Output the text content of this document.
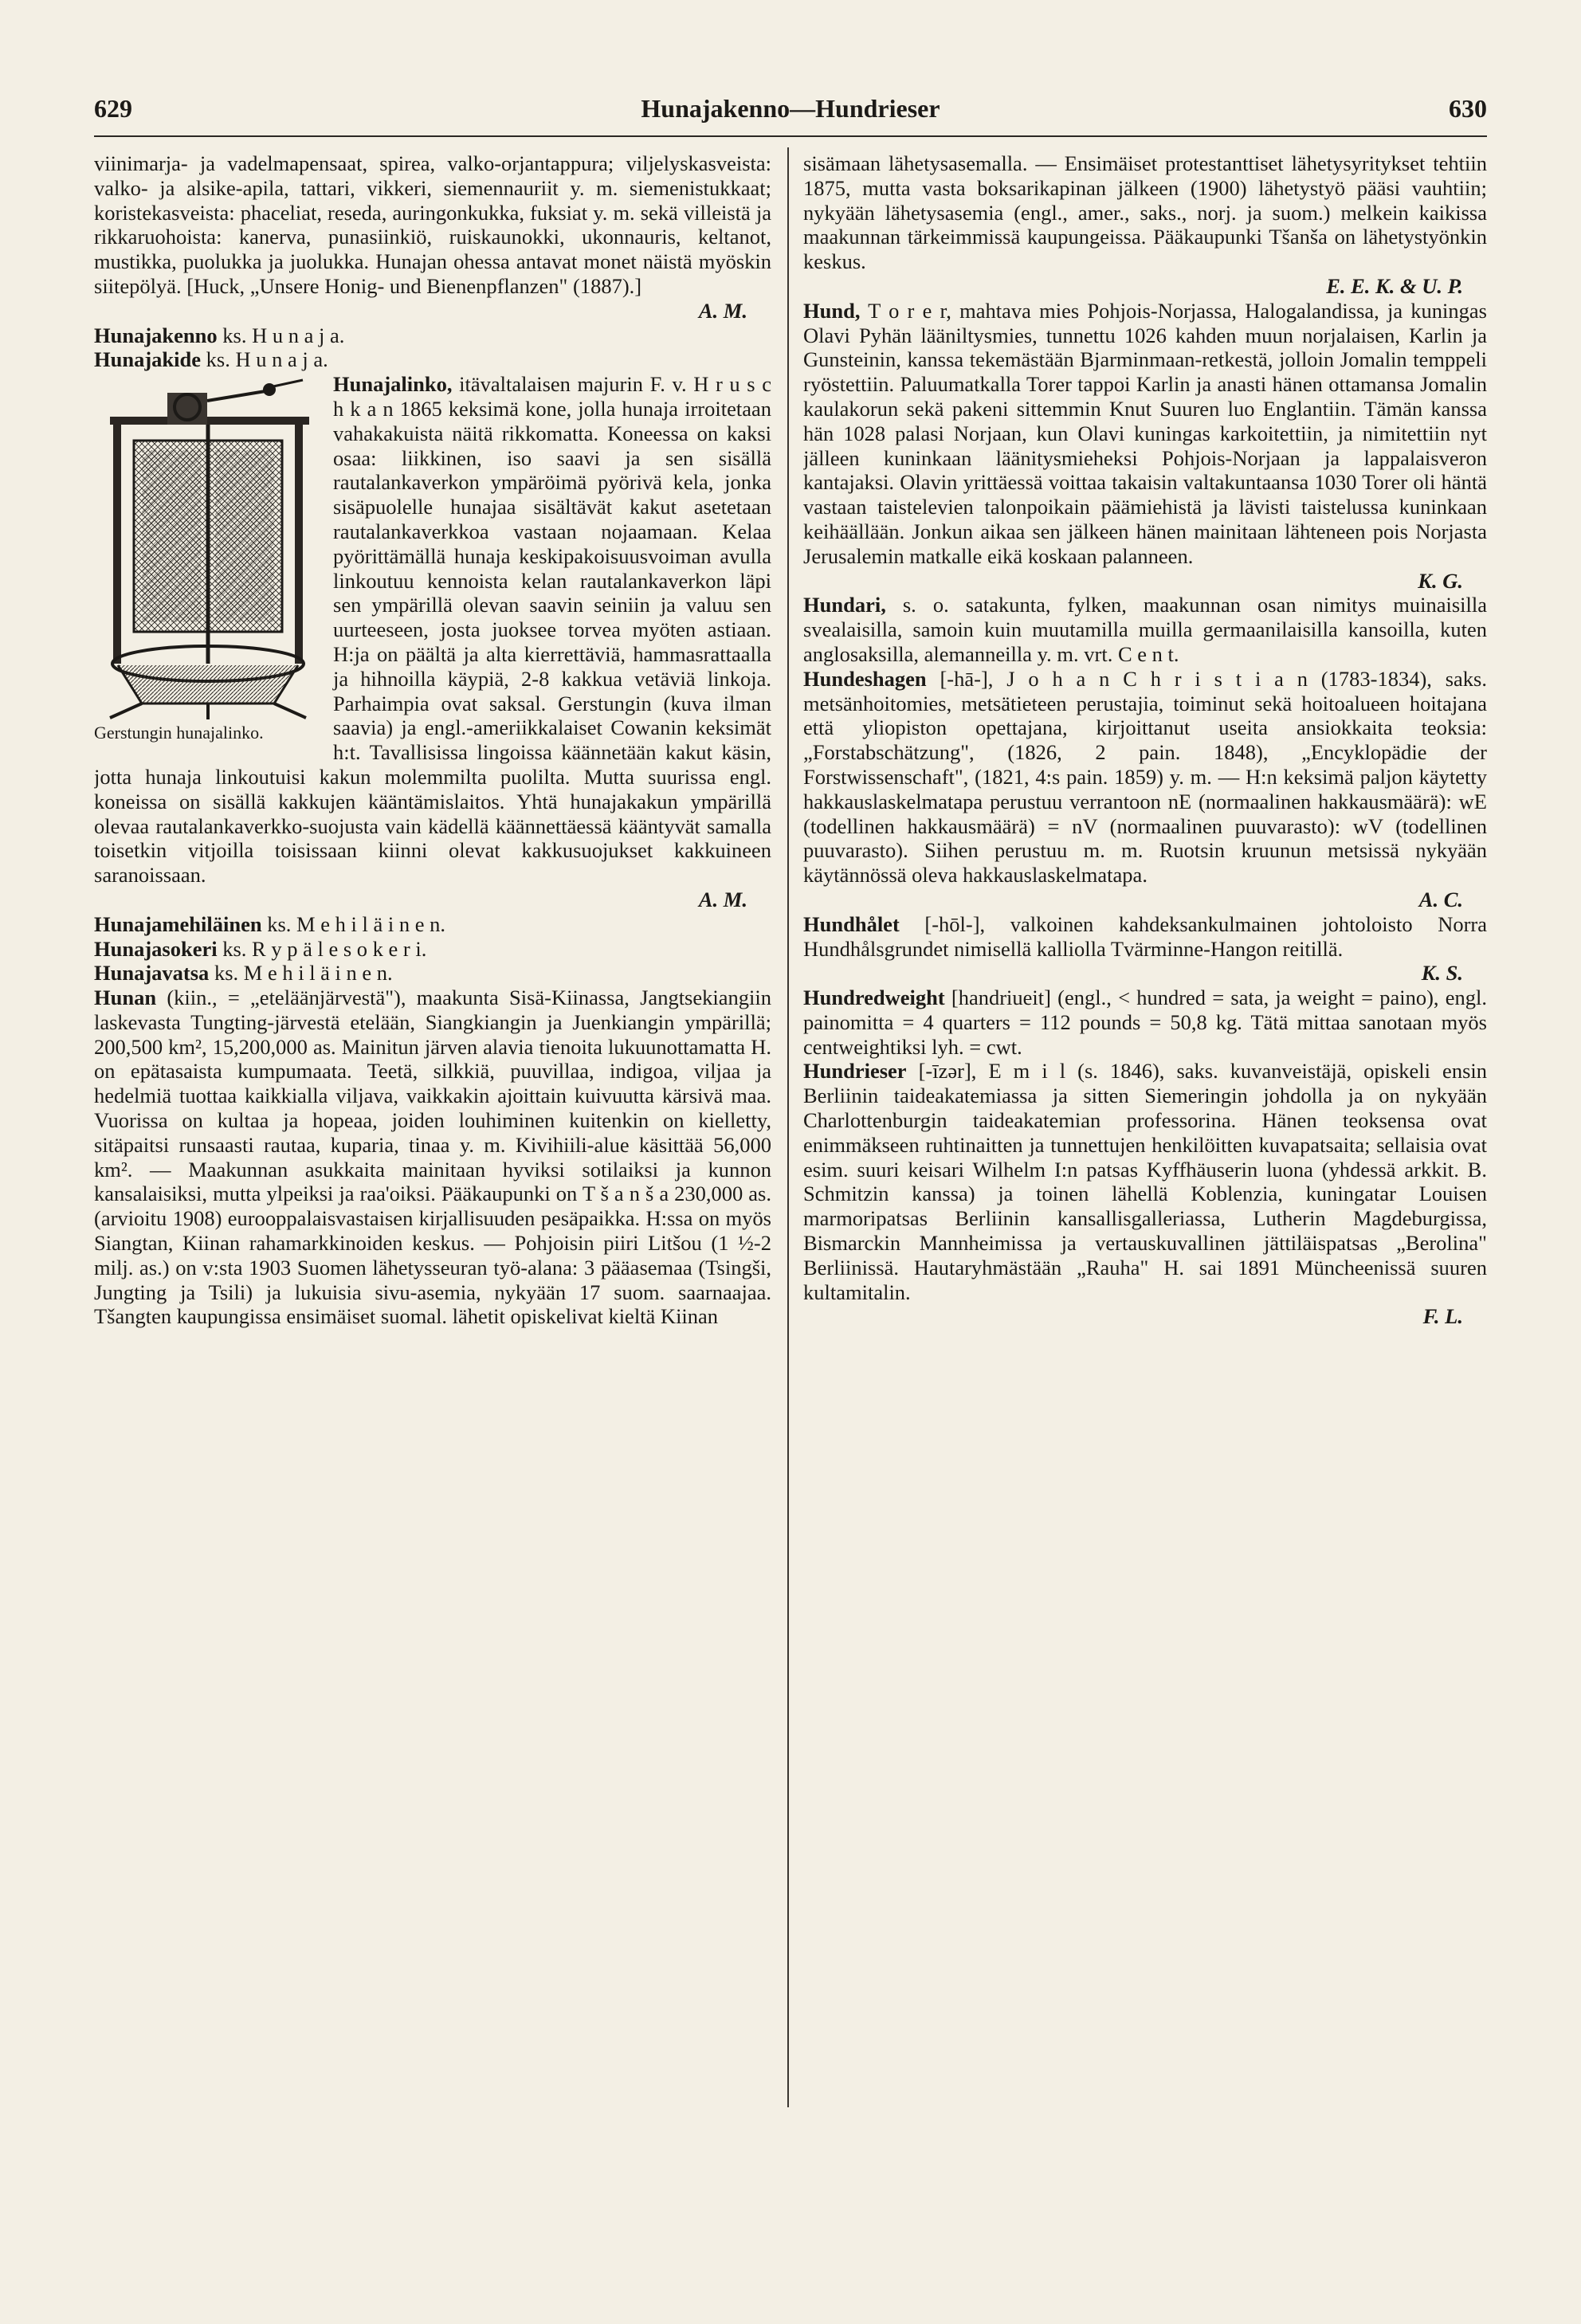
629	Hunajakenno—Hundrieser	630

viinimarja- ja vadelmapensaat, spirea, valko-orjantappura; viljelyskasveista: valko- ja alsike-apila, tattari, vikkeri, siemennauriit y. m. siemenistukkaat; koristekasveista: phaceliat, reseda, auringonkukka, fuksiat y. m. sekä villeistä ja rikkaruohoista: kanerva, punasiinkiö, ruiskaunokki, ukonnauris, keltanot, mustikka, puolukka ja juolukka. Hunajan ohessa antavat monet näistä myöskin siitepölyä. [Huck, „Unsere Honig- und Bienenpflanzen" (1887).]
A. M.

Hunajakenno ks. H u n a j a.

Hunajakide ks. H u n a j a.

Hunajalinko,
Gerstungin hunajalinko.
itävaltalaisen majurin F. v. H r u s c h k a n 1865 keksimä kone, jolla hunaja irroitetaan vahakakuista näitä rikkomatta. Koneessa on kaksi osaa: liikkinen, iso saavi ja sen sisällä rautalankaverkon ympäröimä pyörivä kela, jonka sisäpuolelle hunajaa sisältävät kakut asetetaan rautalankaverkkoa vastaan nojaamaan. Kelaa pyörittämällä hunaja keskipakoisuusvoiman avulla linkoutuu kennoista kelan rautalankaverkon läpi sen ympärillä olevan saavin seiniin ja valuu sen uurteeseen, josta juoksee torvea myöten astiaan. H:ja on päältä ja alta kierrettäviä, hammasrattaalla ja hihnoilla käypiä, 2-8 kakkua vetäviä linkoja. Parhaimpia ovat saksal. Gerstungin (kuva ilman saavia) ja engl.-ameriikkalaiset Cowanin keksimät h:t. Tavallisissa lingoissa käännetään kakut käsin, jotta hunaja linkoutuisi kakun molemmilta puolilta. Mutta suurissa engl. koneissa on sisällä kakkujen kääntämislaitos. Yhtä hunajakakun ympärillä olevaa rautalankaverkko-suojusta vain kädellä käännettäessä kääntyvät samalla toisetkin vitjoilla toisissaan kiinni olevat kakkusuojukset kakkuineen saranoissaan.
A. M.

Hunajamehiläinen ks. M e h i l ä i n e n.

Hunajasokeri ks. R y p ä l e s o k e r i.

Hunajavatsa ks. M e h i l ä i n e n.

Hunan (kiin., = „eteläänjärvestä"), maakunta Sisä-Kiinassa, Jangtsekiangiin laskevasta Tungting-järvestä etelään, Siangkiangin ja Juenkiangin ympärillä; 200,500 km², 15,200,000 as. Mainitun järven alavia tienoita lukuunottamatta H. on epätasaista kumpumaata. Teetä, silkkiä, puuvillaa, indigoa, viljaa ja hedelmiä tuottaa kaikkialla viljava, vaikkakin ajoittain kuivuutta kärsivä maa. Vuorissa on kultaa ja hopeaa, joiden louhiminen kuitenkin on kielletty, sitäpaitsi runsaasti rautaa, kuparia, tinaa y. m. Kivihiili-alue käsittää 56,000 km². — Maakunnan asukkaita mainitaan hyviksi sotilaiksi ja kunnon kansalaisiksi, mutta ylpeiksi ja raa'oiksi. Pääkaupunki on T š a n š a 230,000 as. (arvioitu 1908) eurooppalaisvastaisen kirjallisuuden pesäpaikka. H:ssa on myös Siangtan, Kiinan rahamarkkinoiden keskus. — Pohjoisin piiri Litšou (1 ½-2 milj. as.) on v:sta 1903 Suomen lähetysseuran työ-alana: 3 pääasemaa (Tsingši, Jungting ja Tsili) ja lukuisia sivu-asemia, nykyään 17 suom. saarnaajaa. Tšangten kaupungissa ensimäiset suomal. lähetit opiskelivat kieltä Kiinan

sisämaan lähetysasemalla. — Ensimäiset protestanttiset lähetysyritykset tehtiin 1875, mutta vasta boksarikapinan jälkeen (1900) lähetystyö pääsi vauhtiin; nykyään lähetysasemia (engl., amer., saks., norj. ja suom.) melkein kaikissa maakunnan tärkeimmissä kaupungeissa. Pääkaupunki Tšanša on lähetystyönkin keskus.
E. E. K. & U. P.

Hund, T o r e r, mahtava mies Pohjois-Norjassa, Halogalandissa, ja kuningas Olavi Pyhän lääniltysmies, tunnettu 1026 kahden muun norjalaisen, Karlin ja Gunsteinin, kanssa tekemästään Bjarminmaan-retkestä, jolloin Jomalin temppeli ryöstettiin. Paluumatkalla Torer tappoi Karlin ja anasti hänen ottamansa Jomalin kaulakorun sekä pakeni sittemmin Knut Suuren luo Englantiin. Tämän kanssa hän 1028 palasi Norjaan, kun Olavi kuningas karkoitettiin, ja nimitettiin nyt jälleen kuninkaan läänitysmieheksi Pohjois-Norjaan ja lappalaisveron kantajaksi. Olavin yrittäessä voittaa takaisin valtakuntaansa 1030 Torer oli häntä vastaan taistelevien talonpoikain päämiehistä ja lävisti taistelussa kuninkaan keihäällään. Jonkun aikaa sen jälkeen hänen mainitaan lähteneen pois Norjasta Jerusalemin matkalle eikä koskaan palanneen.
K. G.

Hundari, s. o. satakunta, fylken, maakunnan osan nimitys muinaisilla svealaisilla, samoin kuin muutamilla muilla germaanilaisilla kansoilla, kuten anglosaksilla, alemanneilla y. m. vrt. C e n t.

Hundeshagen [-hā-], J o h a n C h r i s t i a n (1783-1834), saks. metsänhoitomies, metsätieteen perustajia, toiminut sekä hoitoalueen hoitajana että yliopiston opettajana, kirjoittanut useita ansiokkaita teoksia: „Forstabschätzung", (1826, 2 pain. 1848), „Encyklopädie der Forstwissenschaft", (1821, 4:s pain. 1859) y. m. — H:n keksimä paljon käytetty hakkauslaskelmatapa perustuu verrantoon nE (normaalinen hakkausmäärä): wE (todellinen hakkausmäärä) = nV (normaalinen puuvarasto): wV (todellinen puuvarasto). Siihen perustuu m. m. Ruotsin kruunun metsissä nykyään käytännössä oleva hakkauslaskelmatapa.
A. C.

Hundhålet [-hōl-], valkoinen kahdeksankulmainen johtoloisto Norra Hundhålsgrundet nimisellä kalliolla Tvärminne-Hangon reitillä.
K. S.

Hundredweight [handriueit] (engl., < hundred = sata, ja weight = paino), engl. painomitta = 4 quarters = 112 pounds = 50,8 kg. Tätä mittaa sanotaan myös centweightiksi lyh. = cwt.

Hundrieser [-īzər], E m i l (s. 1846), saks. kuvanveistäjä, opiskeli ensin Berliinin taideakatemiassa ja sitten Siemeringin johdolla ja on nykyään Charlottenburgin taideakatemian professorina. Hänen teoksensa ovat enimmäkseen ruhtinaitten ja tunnettujen henkilöitten kuvapatsaita; sellaisia ovat esim. suuri keisari Wilhelm I:n patsas Kyffhäuserin luona (yhdessä arkkit. B. Schmitzin kanssa) ja toinen lähellä Koblenzia, kuningatar Louisen marmoripatsas Berliinin kansallisgalleriassa, Lutherin Magdeburgissa, Bismarckin Mannheimissa ja vertauskuvallinen jättiläispatsas „Berolina" Berliinissä. Hautaryhmästään „Rauha" H. sai 1891 Müncheenissä suuren kultamitalin.
F. L.
